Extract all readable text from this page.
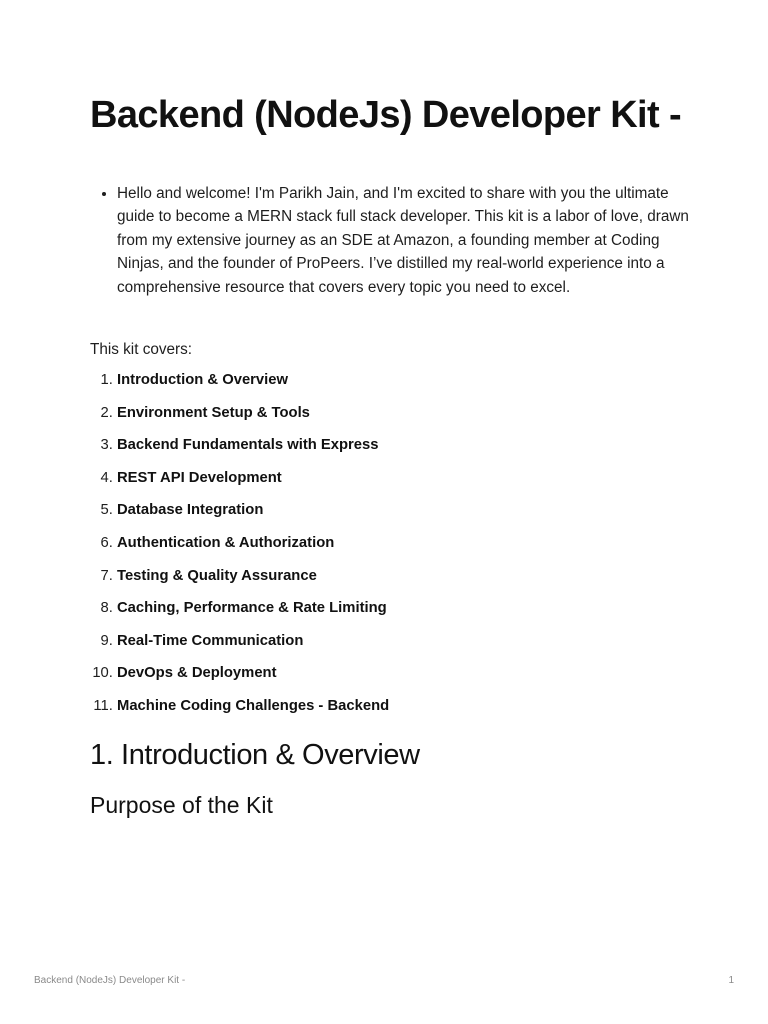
Backend (NodeJs) Developer Kit -
• Hello and welcome! I'm Parikh Jain, and I'm excited to share with you the ultimate guide to become a MERN stack full stack developer. This kit is a labor of love, drawn from my extensive journey as an SDE at Amazon, a founding member at Coding Ninjas, and the founder of ProPeers. I’ve distilled my real-world experience into a comprehensive resource that covers every topic you need to excel.

This kit covers:

1. Introduction & Overview
2. Environment Setup & Tools
3. Backend Fundamentals with Express
4. REST API Development
5. Database Integration
6. Authentication & Authorization
7. Testing & Quality Assurance
8. Caching, Performance & Rate Limiting
9. Real-Time Communication
10. DevOps & Deployment
11. Machine Coding Challenges - Backend
1. Introduction & Overview
Purpose of the Kit
Backend (NodeJs) Developer Kit -	1
